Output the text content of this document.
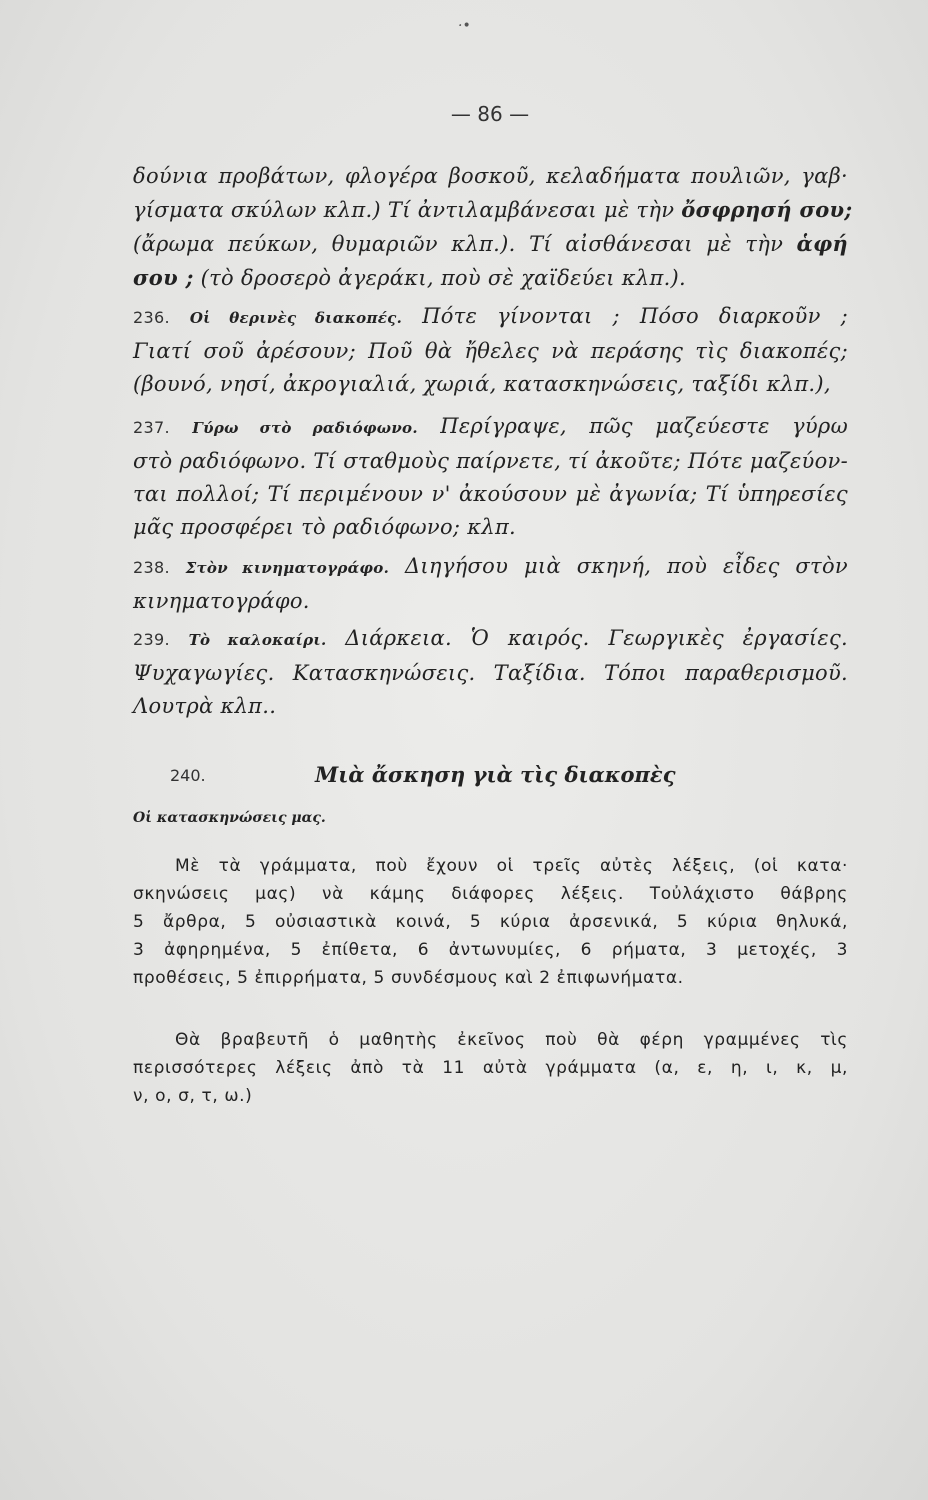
·•
— 86 —
δούνια προβάτων, φλογέρα βοσκοῦ, κελαδήματα πουλιῶν, γαβ·
γίσματα σκύλων κλπ.) Τί ἀντιλαμβάνεσαι μὲ τὴν ὄσφρησή σου;
(ἄρωμα πεύκων, θυμαριῶν κλπ.). Τί αἰσθάνεσαι μὲ τὴν ἁφή
σου ; (τὸ δροσερὸ ἀγεράκι, ποὺ σὲ χαϊδεύει κλπ.).
236. Οἱ θερινὲς διακοπές. Πότε γίνονται ; Πόσο διαρκοῦν ;
Γιατί σοῦ ἀρέσουν; Ποῦ θὰ ἤθελες νὰ περάσης τὶς διακοπές;
(βουνό, νησί, ἀκρογιαλιά, χωριά, κατασκηνώσεις, ταξίδι κλπ.),
237. Γύρω στὸ ραδιόφωνο. Περίγραψε, πῶς μαζεύεστε γύρω
στὸ ραδιόφωνο. Τί σταθμοὺς παίρνετε, τί ἀκοῦτε; Πότε μαζεύον-
ται πολλοί; Τί περιμένουν ν' ἀκούσουν μὲ ἀγωνία; Τί ὑπηρεσίες
μᾶς προσφέρει τὸ ραδιόφωνο; κλπ.
238. Στὸν κινηματογράφο. Διηγήσου μιὰ σκηνή, ποὺ εἶδες στὸν
κινηματογράφο.
239. Τὸ καλοκαίρι. Διάρκεια. Ὁ καιρός. Γεωργικὲς ἐργασίες.
Ψυχαγωγίες. Κατασκηνώσεις. Ταξίδια. Τόποι παραθερισμοῦ.
Λουτρὰ κλπ..
240.	Μιὰ ἄσκηση γιὰ τὶς διακοπὲς
Οἱ κατασκηνώσεις μας.
Μὲ τὰ γράμματα, ποὺ ἔχουν οἱ τρεῖς αὐτὲς λέξεις, (οἱ κατα·
σκηνώσεις μας) νὰ κάμης διάφορες λέξεις. Τοὐλάχιστο θάβρης
5 ἄρθρα, 5 οὐσιαστικὰ κοινά, 5 κύρια ἀρσενικά, 5 κύρια θηλυκά,
3 ἀφηρημένα, 5 ἐπίθετα, 6 ἀντωνυμίες, 6 ρήματα, 3 μετοχές, 3
προθέσεις, 5 ἐπιρρήματα, 5 συνδέσμους καὶ 2 ἐπιφωνήματα.
Θὰ βραβευτῆ ὁ μαθητὴς ἐκεῖνος ποὺ θὰ φέρη γραμμένες τὶς
περισσότερες λέξεις ἀπὸ τὰ 11 αὐτὰ γράμματα (α, ε, η, ι, κ, μ,
ν, ο, σ, τ, ω.)
